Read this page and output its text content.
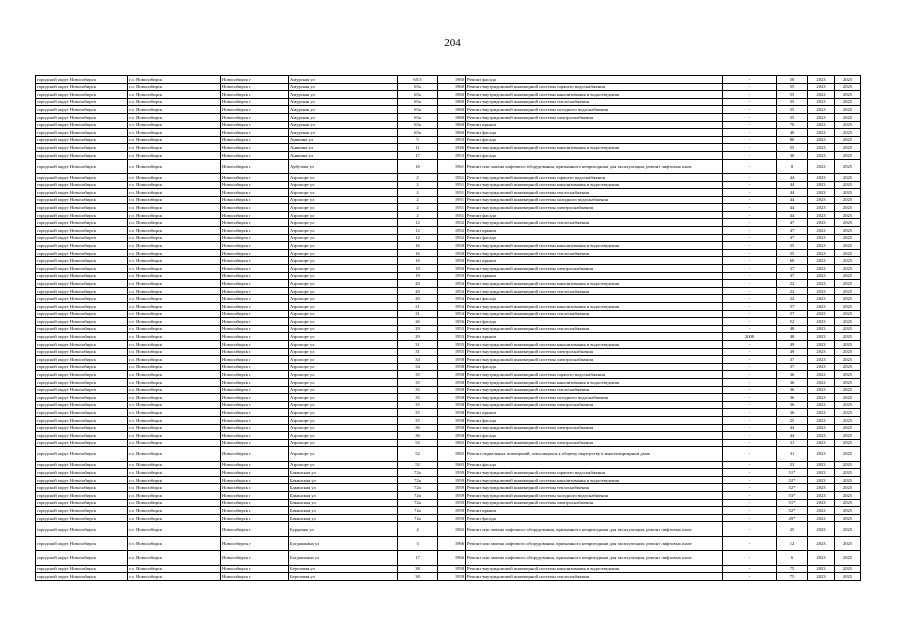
204
городской округ Новосибирск	г.о. Новосибирск	Новосибирск г	Амурская ул	65/3	1960	Ремонт фасада	-	50	2023	2025
городской округ Новосибирск	г.о. Новосибирск	Новосибирск г	Амурская ул	65а	1960	Ремонт внутридомовой инженерной системы горячего водоснабжения	-	55	2023	2025
городской округ Новосибирск	г.о. Новосибирск	Новосибирск г	Амурская ул	65а	1960	Ремонт внутридомовой инженерной системы канализования и водоотведения	-	55	2023	2025
городской округ Новосибирск	г.о. Новосибирск	Новосибирск г	Амурская ул	65а	1960	Ремонт внутридомовой инженерной системы теплоснабжения	-	55	2023	2025
городской округ Новосибирск	г.о. Новосибирск	Новосибирск г	Амурская ул	65а	1960	Ремонт внутридомовой инженерной системы холодного водоснабжения	-	55	2023	2025
городской округ Новосибирск	г.о. Новосибирск	Новосибирск г	Амурская ул	65а	1960	Ремонт внутридомовой инженерной системы электроснабжения	-	55	2023	2025
городской округ Новосибирск	г.о. Новосибирск	Новосибирск г	Амурская ул	65а	1960	Ремонт крыши	-	70	2023	2025
городской округ Новосибирск	г.о. Новосибирск	Новосибирск г	Амурская ул	65а	1960	Ремонт фасада	-	40	2023	2025
городской округ Новосибирск	г.о. Новосибирск	Новосибирск г	Аникина ул	5	1953	Ремонт фасада	-	80	2023	2025
городской округ Новосибирск	г.о. Новосибирск	Новосибирск г	Аникина ул	11	1946	Ремонт внутридомовой инженерной системы канализования и водоотведения	-	55	2023	2025
городской округ Новосибирск	г.о. Новосибирск	Новосибирск г	Аникина ул	17	1953	Ремонт фасада	-	30	2023	2025
городской округ Новосибирск	г.о. Новосибирск	Новосибирск г	Арбузова ул	16	1961	Ремонт или замена лифтового оборудования, признанного непригодным для эксплуатации, ремонт лифтовых шахт	-	8	2023	2025
городской округ Новосибирск	г.о. Новосибирск	Новосибирск г	Аэропорт ул	2	1951	Ремонт внутридомовой инженерной системы горячего водоснабжения	-	44	2023	2025
городской округ Новосибирск	г.о. Новосибирск	Новосибирск г	Аэропорт ул	2	1951	Ремонт внутридомовой инженерной системы канализования и водоотведения	-	44	2023	2025
городской округ Новосибирск	г.о. Новосибирск	Новосибирск г	Аэропорт ул	2	1951	Ремонт внутридомовой инженерной системы теплоснабжения	-	44	2023	2025
городской округ Новосибирск	г.о. Новосибирск	Новосибирск г	Аэропорт ул	2	1951	Ремонт внутридомовой инженерной системы холодного водоснабжения	-	44	2023	2025
городской округ Новосибирск	г.о. Новосибирск	Новосибирск г	Аэропорт ул	2	1951	Ремонт внутридомовой инженерной системы электроснабжения	-	44	2023	2025
городской округ Новосибирск	г.о. Новосибирск	Новосибирск г	Аэропорт ул	2	1951	Ремонт фасада	-	44	2023	2025
городской округ Новосибирск	г.о. Новосибирск	Новосибирск г	Аэропорт ул	12	1952	Ремонт внутридомовой инженерной системы теплоснабжения	-	47	2023	2025
городской округ Новосибирск	г.о. Новосибирск	Новосибирск г	Аэропорт ул	12	1952	Ремонт крыши	-	47	2023	2025
городской округ Новосибирск	г.о. Новосибирск	Новосибирск г	Аэропорт ул	12	1952	Ремонт фасада	-	47	2023	2025
городской округ Новосибирск	г.о. Новосибирск	Новосибирск г	Аэропорт ул	16	1950	Ремонт внутридомовой инженерной системы канализования и водоотведения	-	55	2023	2025
городской округ Новосибирск	г.о. Новосибирск	Новосибирск г	Аэропорт ул	16	1950	Ремонт внутридомовой инженерной системы теплоснабжения	-	55	2023	2025
городской округ Новосибирск	г.о. Новосибирск	Новосибирск г	Аэропорт ул	16	1950	Ремонт крыши	-	60	2023	2025
городской округ Новосибирск	г.о. Новосибирск	Новосибирск г	Аэропорт ул	19	1950	Ремонт внутридомовой инженерной системы электроснабжения	-	37	2023	2025
городской округ Новосибирск	г.о. Новосибирск	Новосибирск г	Аэропорт ул	19	1950	Ремонт крыши	-	37	2023	2025
городской округ Новосибирск	г.о. Новосибирск	Новосибирск г	Аэропорт ул	20	1954	Ремонт внутридомовой инженерной системы канализования и водоотведения	-	22	2023	2025
городской округ Новосибирск	г.о. Новосибирск	Новосибирск г	Аэропорт ул	20	1954	Ремонт внутридомовой инженерной системы теплоснабжения	-	22	2023	2025
городской округ Новосибирск	г.о. Новосибирск	Новосибирск г	Аэропорт ул	20	1954	Ремонт фасада	-	22	2023	2025
городской округ Новосибирск	г.о. Новосибирск	Новосибирск г	Аэропорт ул	21	1954	Ремонт внутридомовой инженерной системы канализования и водоотведения	-	57	2023	2025
городской округ Новосибирск	г.о. Новосибирск	Новосибирск г	Аэропорт ул	21	1954	Ремонт внутридомовой инженерной системы теплоснабжения	-	57	2023	2025
городской округ Новосибирск	г.о. Новосибирск	Новосибирск г	Аэропорт ул	26	1956	Ремонт фасада	-	52	2023	2025
городской округ Новосибирск	г.о. Новосибирск	Новосибирск г	Аэропорт ул	29	1953	Ремонт внутридомовой инженерной системы теплоснабжения	-	48	2023	2025
городской округ Новосибирск	г.о. Новосибирск	Новосибирск г	Аэропорт ул	29	1953	Ремонт крыши	2000	48	2023	2025
городской округ Новосибирск	г.о. Новосибирск	Новосибирск г	Аэропорт ул	31	1955	Ремонт внутридомовой инженерной системы канализования и водоотведения	-	49	2023	2025
городской округ Новосибирск	г.о. Новосибирск	Новосибирск г	Аэропорт ул	31	1955	Ремонт внутридомовой инженерной системы электроснабжения	-	49	2023	2025
городской округ Новосибирск	г.о. Новосибирск	Новосибирск г	Аэропорт ул	34	1958	Ремонт внутридомовой инженерной системы электроснабжения	-	37	2023	2025
городской округ Новосибирск	г.о. Новосибирск	Новосибирск г	Аэропорт ул	34	1958	Ремонт фасада	-	37	2023	2025
городской округ Новосибирск	г.о. Новосибирск	Новосибирск г	Аэропорт ул	35	1958	Ремонт внутридомовой инженерной системы горячего водоснабжения	-	36	2023	2025
городской округ Новосибирск	г.о. Новосибирск	Новосибирск г	Аэропорт ул	35	1958	Ремонт внутридомовой инженерной системы канализования и водоотведения	-	36	2023	2025
городской округ Новосибирск	г.о. Новосибирск	Новосибирск г	Аэропорт ул	35	1958	Ремонт внутридомовой инженерной системы теплоснабжения	-	36	2023	2025
городской округ Новосибирск	г.о. Новосибирск	Новосибирск г	Аэропорт ул	35	1958	Ремонт внутридомовой инженерной системы холодного водоснабжения	-	36	2023	2025
городской округ Новосибирск	г.о. Новосибирск	Новосибирск г	Аэропорт ул	35	1958	Ремонт внутридомовой инженерной системы электроснабжения	-	36	2023	2025
городской округ Новосибирск	г.о. Новосибирск	Новосибирск г	Аэропорт ул	35	1958	Ремонт крыши	-	36	2023	2025
городской округ Новосибирск	г.о. Новосибирск	Новосибирск г	Аэропорт ул	35	1958	Ремонт фасада	-	25	2023	2025
городской округ Новосибирск	г.о. Новосибирск	Новосибирск г	Аэропорт ул	36	1958	Ремонт внутридомовой инженерной системы электроснабжения	-	44	2023	2025
городской округ Новосибирск	г.о. Новосибирск	Новосибирск г	Аэропорт ул	36	1958	Ремонт фасада	-	44	2023	2025
городской округ Новосибирск	г.о. Новосибирск	Новосибирск г	Аэропорт ул	52	1965	Ремонт внутридомовой инженерной системы электроснабжения	-	31	2023	2025
городской округ Новосибирск	г.о. Новосибирск	Новосибирск г	Аэропорт ул	52	1965	Ремонт подвальных помещений, относящихся к общему имуществу в многоквартирном доме	-	31	2023	2025
городской округ Новосибирск	г.о. Новосибирск	Новосибирск г	Аэропорт ул	52	1965	Ремонт фасада	-	23	2023	2025
городской округ Новосибирск	г.о. Новосибирск	Новосибирск г	Бакинская ул	72а	1959	Ремонт внутридомовой инженерной системы горячего водоснабжения	-	51*	2023	2025
городской округ Новосибирск	г.о. Новосибирск	Новосибирск г	Бакинская ул	72а	1959	Ремонт внутридомовой инженерной системы канализования и водоотведения	-	52*	2023	2025
городской округ Новосибирск	г.о. Новосибирск	Новосибирск г	Бакинская ул	72а	1959	Ремонт внутридомовой инженерной системы теплоснабжения	-	52*	2023	2025
городской округ Новосибирск	г.о. Новосибирск	Новосибирск г	Бакинская ул	72а	1959	Ремонт внутридомовой инженерной системы холодного водоснабжения	-	53*	2023	2025
городской округ Новосибирск	г.о. Новосибирск	Новосибирск г	Бакинская ул	72а	1959	Ремонт внутридомовой инженерной системы электроснабжения	-	51*	2023	2025
городской округ Новосибирск	г.о. Новосибирск	Новосибирск г	Бакинская ул	72а	1959	Ремонт крыши	-	52*	2023	2025
городской округ Новосибирск	г.о. Новосибирск	Новосибирск г	Бакинская ул	72а	1959	Ремонт фасада	-	49*	2023	2025
городской округ Новосибирск	г.о. Новосибирск	Новосибирск г	Бурденко ул	4	1982	Ремонт или замена лифтового оборудования, признанного непригодным для эксплуатации, ремонт лифтовых шахт	-	25	2023	2025
городской округ Новосибирск	г.о. Новосибирск	Новосибирск г	Богдашкина ул	3	1966	Ремонт или замена лифтового оборудования, признанного непригодным для эксплуатации, ремонт лифтовых шахт	-	12	2023	2025
городской округ Новосибирск	г.о. Новосибирск	Новосибирск г	Богдашкина ул	17	1966	Ремонт или замена лифтового оборудования, признанного непригодным для эксплуатации, ремонт лифтовых шахт	-	6	2023	2025
городской округ Новосибирск	г.о. Новосибирск	Новосибирск г	Березовая ул	38	1958	Ремонт внутридомовой инженерной системы канализования и водоотведения	-	75	2023	2025
городской округ Новосибирск	г.о. Новосибирск	Новосибирск г	Березовая ул	38	1958	Ремонт внутридомовой инженерной системы теплоснабжения	-	75	2023	2025
